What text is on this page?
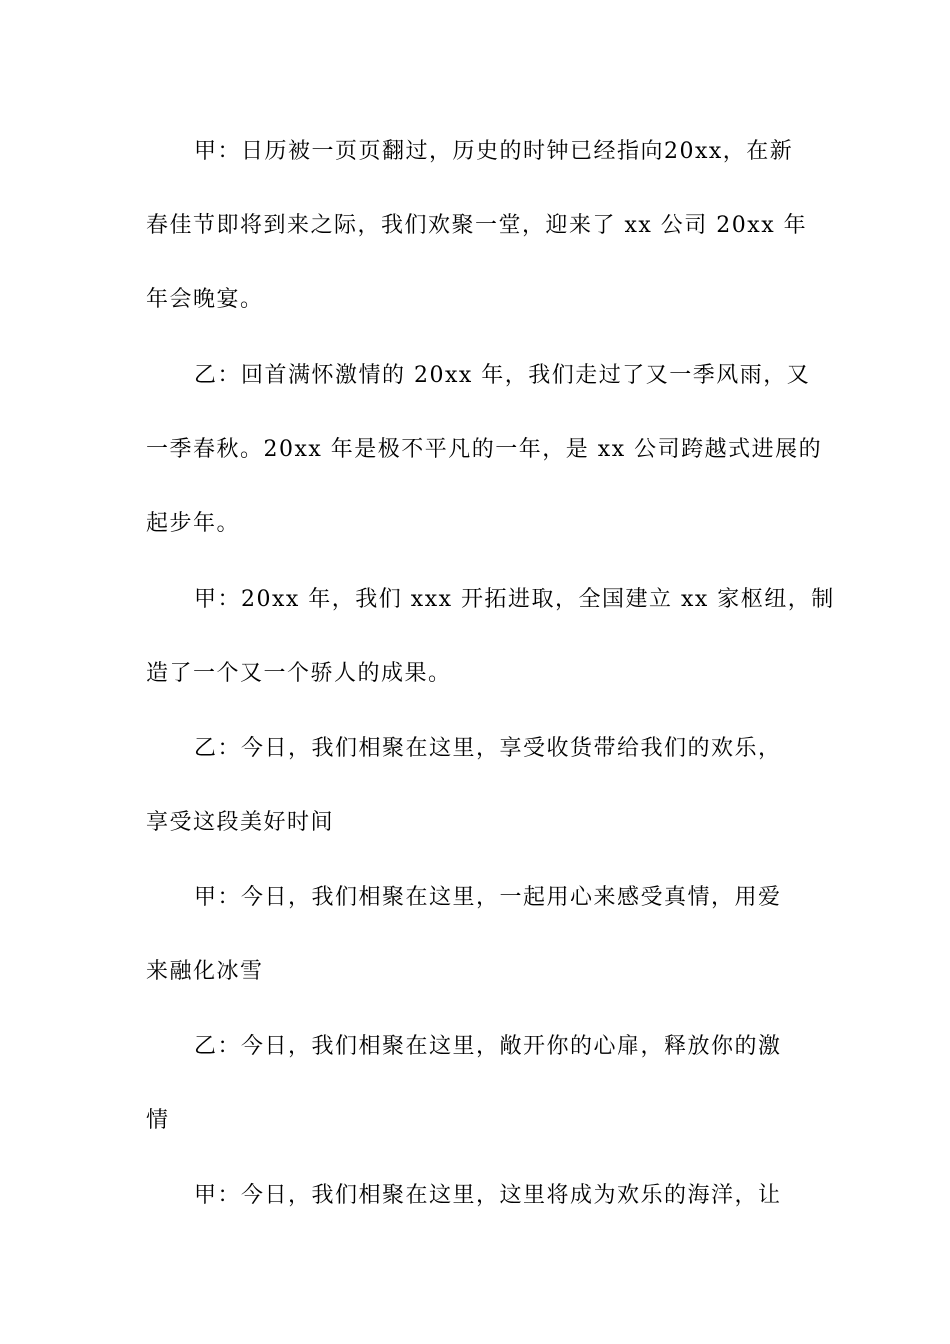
甲：日历被一页页翻过，历史的时钟已经指向20xx，在新
春佳节即将到来之际，我们欢聚一堂，迎来了 xx 公司 20xx 年
年会晚宴。
乙：回首满怀激情的 20xx 年，我们走过了又一季风雨，又
一季春秋。20xx 年是极不平凡的一年，是 xx 公司跨越式进展的
起步年。
甲：20xx 年，我们 xxx 开拓进取，全国建立 xx 家枢纽，制
造了一个又一个骄人的成果。
乙：今日，我们相聚在这里，享受收货带给我们的欢乐，
享受这段美好时间
甲：今日，我们相聚在这里，一起用心来感受真情，用爱
来融化冰雪
乙：今日，我们相聚在这里，敞开你的心扉，释放你的激
情
甲：今日，我们相聚在这里，这里将成为欢乐的海洋，让
